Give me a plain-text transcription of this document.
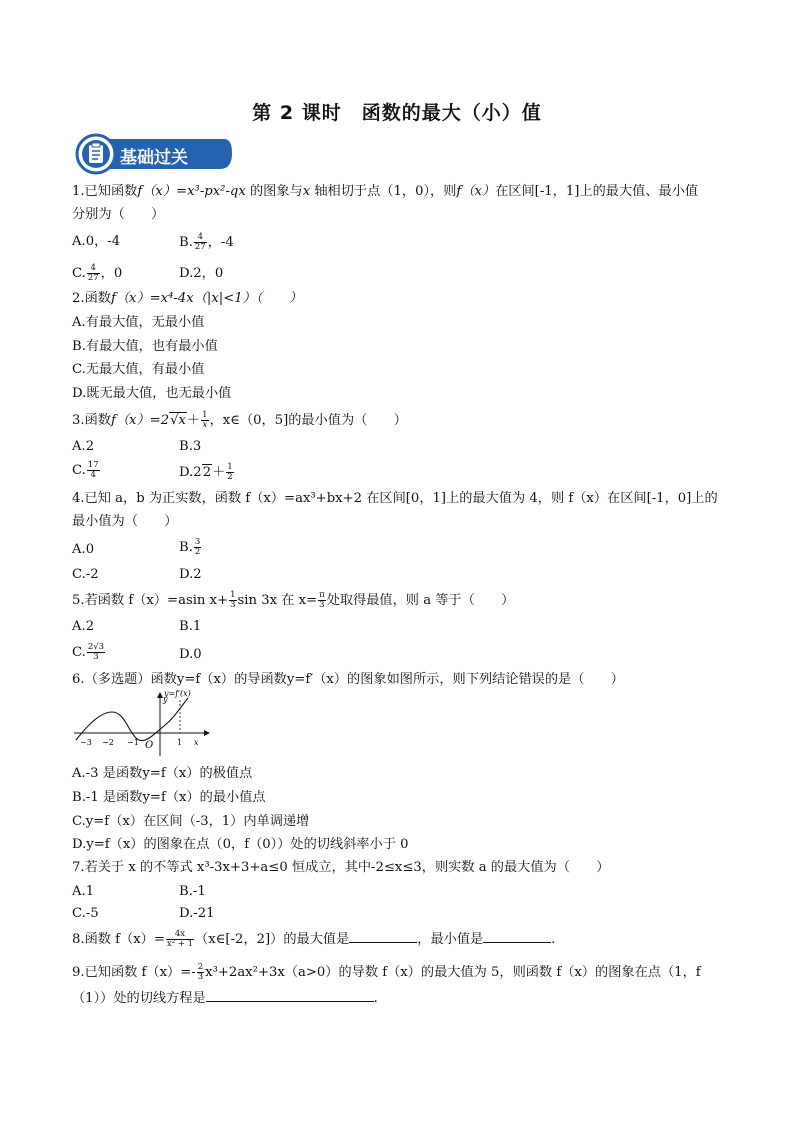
第 2 课时　函数的最大（小）值
基础过关
1.已知函数f（x）=x³-px²-qx 的图象与x 轴相切于点（1，0），则f（x）在区间[-1，1]上的最大值、最小值
分别为（　　）
A.0，-4	B. $\frac{4}{27}$ ，-4
C. $\frac{4}{27}$ ，0	D.2，0
2.函数f（x）=x⁴-4x（|x|<1）（　　）
A.有最大值，无最小值
B.有最大值，也有最小值
C.无最大值，有最小值
D.既无最大值，也无最小值
3.函数$f(x)=2√x+ \frac{1}{x}$ ，x∈（0，5]的最小值为（　　）
A.2	B.3
C. $\frac{17}{4}$	$D.22+ \frac{1}{2}$
4.已知 a，b 为正实数，函数 f（x）=ax³+bx+2 在区间[0，1]上的最大值为 4，则 f（x）在区间[-1，0]上的
最小值为（　　）
A.0	B. $\frac{3}{2}$
C.-2	D.2
5.若函数 f（x）=asin $x+ \frac{1}{3}$ sin 3x 在 $x= \frac{\pi}{3}$ 处取得最值，则 a 等于（　　）
A.2	B.1
C. $\frac{2√3}{3}$	D.0
6.（多选题）函数y=f（x）的导函数y=f′（x）的图象如图所示，则下列结论错误的是（　　）
y=f′(x)
y
x
O
−3 −2 −1	1
A.-3 是函数y=f（x）的极值点
B.-1 是函数y=f（x）的最小值点
C.y=f（x）在区间（-3，1）内单调递增
D.y=f（x）的图象在点（0，f（0））处的切线斜率小于 0
7.若关于 x 的不等式 x³-3x+3+a≤0 恒成立，其中-2≤x≤3，则实数 a 的最大值为（　　）
A.1	B.-1
C.-5	D.-21
8.函数 $f(x)= \frac{4x}{\text{x² + 1}}$ （x∈[-2，2]）的最大值是	，最小值是	.
9.已知函数 $f(x)=- \frac{2}{3} x^3+2ax^2+3x(a>0)$的导数 f（x）的最大值为 5，则函数 f（x）的图象在点（1，f
（1））处的切线方程是	.
